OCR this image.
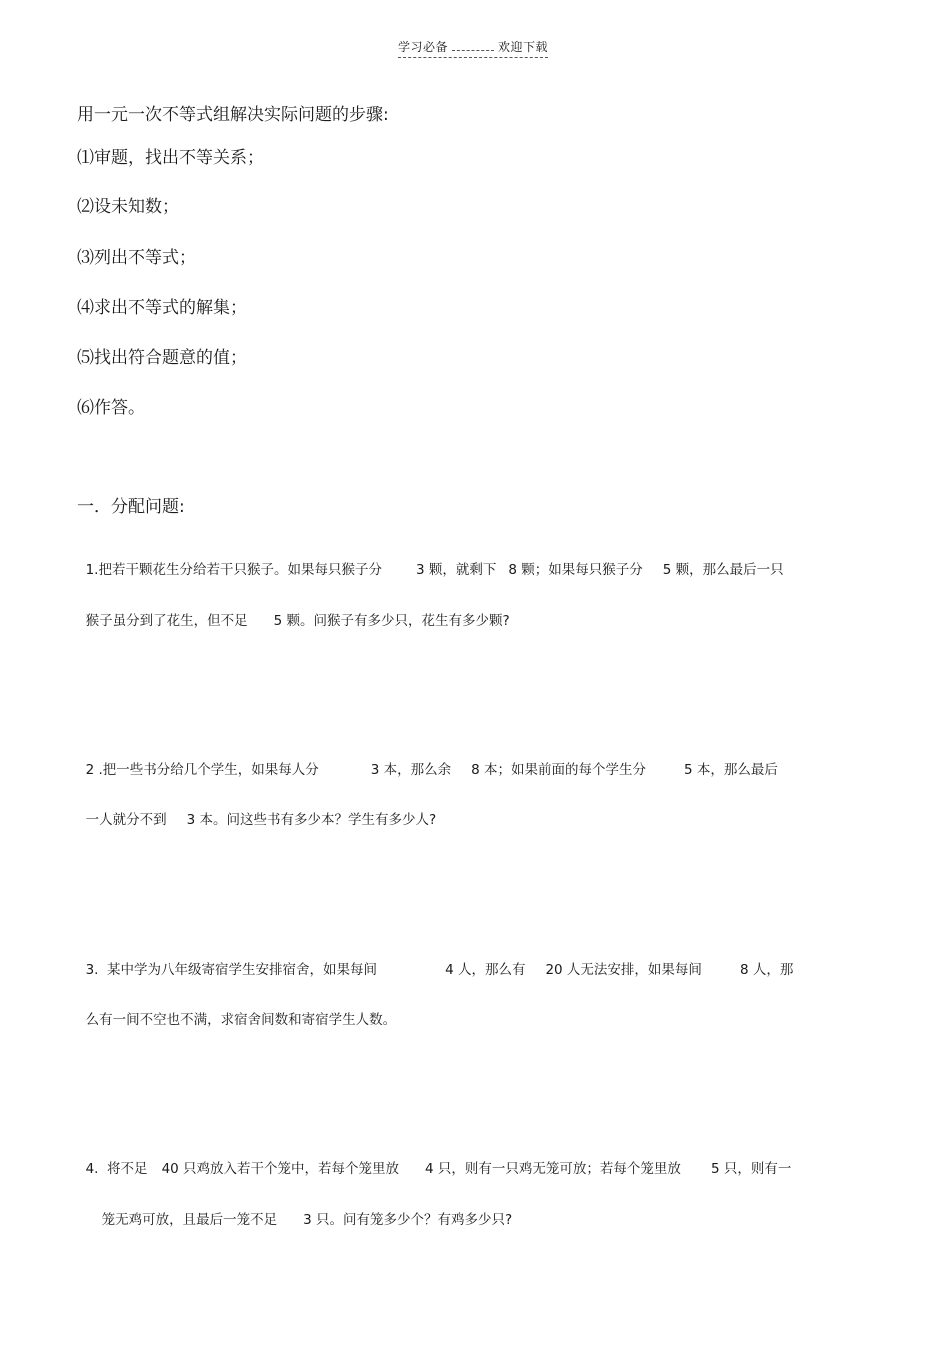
学习必备	欢迎下载

用一元一次不等式组解决实际问题的步骤:

⑴审题，找出不等关系；

⑵设未知数；

⑶列出不等式；

⑷求出不等式的解集；

⑸找出符合题意的值；

⑹作答。

一．分配问题:

1.把若干颗花生分给若干只猴子。如果每只猴子分	3 颗，就剩下 8 颗；如果每只猴子分 5 颗，那么最后一只

猴子虽分到了花生，但不足 5 颗。问猴子有多少只，花生有多少颗?

2 .把一些书分给几个学生，如果每人分	3 本，那么余 8 本；如果前面的每个学生分	5 本，那么最后

一人就分不到 3 本。问这些书有多少本？学生有多少人?

3.  某中学为八年级寄宿学生安排宿舍，如果每间	4 人，那么有 20 人无法安排，如果每间	8 人，那

么有一间不空也不满，求宿舍间数和寄宿学生人数。

4.  将不足 40 只鸡放入若干个笼中，若每个笼里放 4 只，则有一只鸡无笼可放；若每个笼里放 5 只，则有一

笼无鸡可放，且最后一笼不足 3 只。问有笼多少个？有鸡多少只?
